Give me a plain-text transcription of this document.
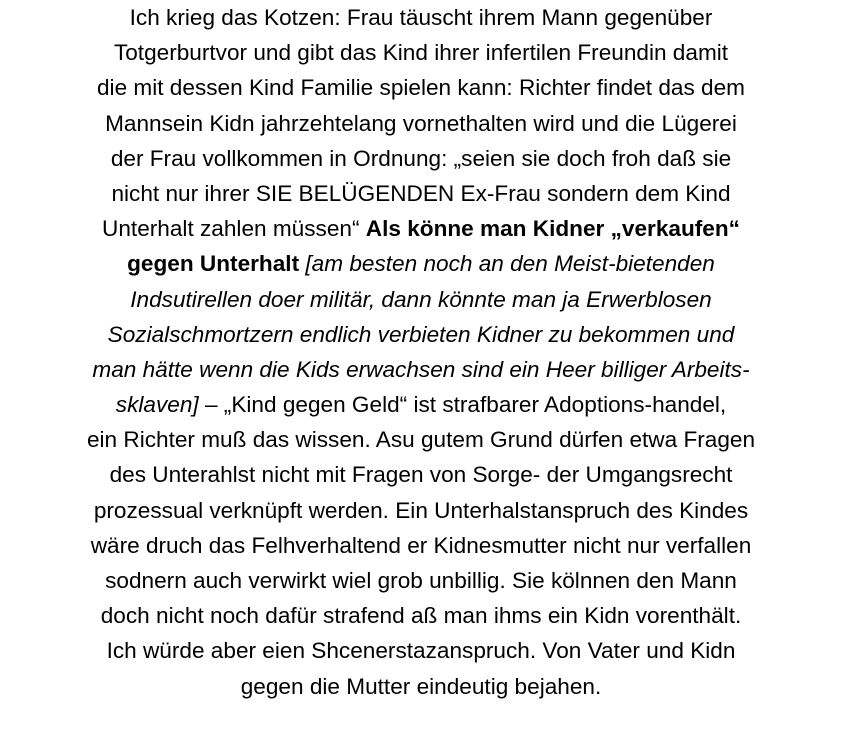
Ich krieg das Kotzen: Frau täuscht ihrem Mann gegenüber
Totgerburtvor und gibt das Kind ihrer infertilen Freundin damit
die mit dessen Kind Familie spielen kann: Richter findet das dem
Mannsein Kidn jahrzehtelang vornethalten wird und die Lügerei
der Frau vollkommen in Ordnung: „seien sie doch froh daß sie
nicht nur ihrer SIE BELÜGENDEN Ex-Frau sondern dem Kind
Unterhalt zahlen müssen“ Als könne man Kidner „verkaufen“
gegen Unterhalt [am besten noch an den Meist-bietenden
Indsutirellen doer militär, dann könnte man ja Erwerblosen
Sozialschmortzern endlich verbieten Kidner zu bekommen und
man hätte wenn die Kids erwachsen sind ein Heer billiger Arbeits-
sklaven] – „Kind gegen Geld“ ist strafbarer Adoptions-handel,
ein Richter muß das wissen. Asu gutem Grund dürfen etwa Fragen
des Unterahlst nicht mit Fragen von Sorge- der Umgangsrecht
prozessual verknüpft werden. Ein Unterhalstanspruch des Kindes
wäre druch das Felhverhaltend er Kidnesmutter nicht nur verfallen
sodnern auch verwirkt wiel grob unbillig. Sie kölnnen den Mann
doch nicht noch dafür strafend aß man ihms ein Kidn vorenthält.
Ich würde aber eien Shcenerstazanspruch. Von Vater und Kidn
gegen die Mutter eindeutig bejahen.
